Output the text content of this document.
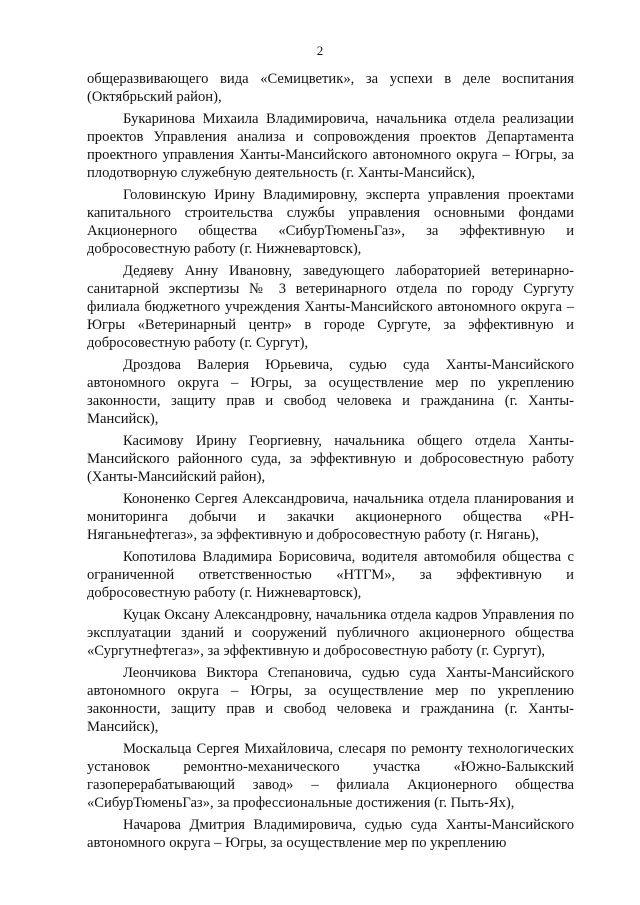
2

общеразвивающего вида «Семицветик», за успехи в деле воспитания (Октябрьский район),

Букаринова Михаила Владимировича, начальника отдела реализации проектов Управления анализа и сопровождения проектов Департамента проектного управления Ханты-Мансийского автономного округа – Югры, за плодотворную служебную деятельность (г. Ханты-Мансийск),

Головинскую Ирину Владимировну, эксперта управления проектами капитального строительства службы управления основными фондами Акционерного общества «СибурТюменьГаз», за эффективную и добросовестную работу (г. Нижневартовск),

Дедяеву Анну Ивановну, заведующего лабораторией ветеринарно-санитарной экспертизы № 3 ветеринарного отдела по городу Сургуту филиала бюджетного учреждения Ханты-Мансийского автономного округа – Югры «Ветеринарный центр» в городе Сургуте, за эффективную и добросовестную работу (г. Сургут),

Дроздова Валерия Юрьевича, судью суда Ханты-Мансийского автономного округа – Югры, за осуществление мер по укреплению законности, защиту прав и свобод человека и гражданина (г. Ханты-Мансийск),

Касимову Ирину Георгиевну, начальника общего отдела Ханты-Мансийского районного суда, за эффективную и добросовестную работу (Ханты-Мансийский район),

Кононенко Сергея Александровича, начальника отдела планирования и мониторинга добычи и закачки акционерного общества «РН-Няганьнефтегаз», за эффективную и добросовестную работу (г. Нягань),

Копотилова Владимира Борисовича, водителя автомобиля общества с ограниченной ответственностью «НТГМ», за эффективную и добросовестную работу (г. Нижневартовск),

Куцак Оксану Александровну, начальника отдела кадров Управления по эксплуатации зданий и сооружений публичного акционерного общества «Сургутнефтегаз», за эффективную и добросовестную работу (г. Сургут),

Леончикова Виктора Степановича, судью суда Ханты-Мансийского автономного округа – Югры, за осуществление мер по укреплению законности, защиту прав и свобод человека и гражданина (г. Ханты-Мансийск),

Москальца Сергея Михайловича, слесаря по ремонту технологических установок ремонтно-механического участка «Южно-Балыкский газоперерабатывающий завод» – филиала Акционерного общества «СибурТюменьГаз», за профессиональные достижения (г. Пыть-Ях),

Начарова Дмитрия Владимировича, судью суда Ханты-Мансийского автономного округа – Югры, за осуществление мер по укреплению
